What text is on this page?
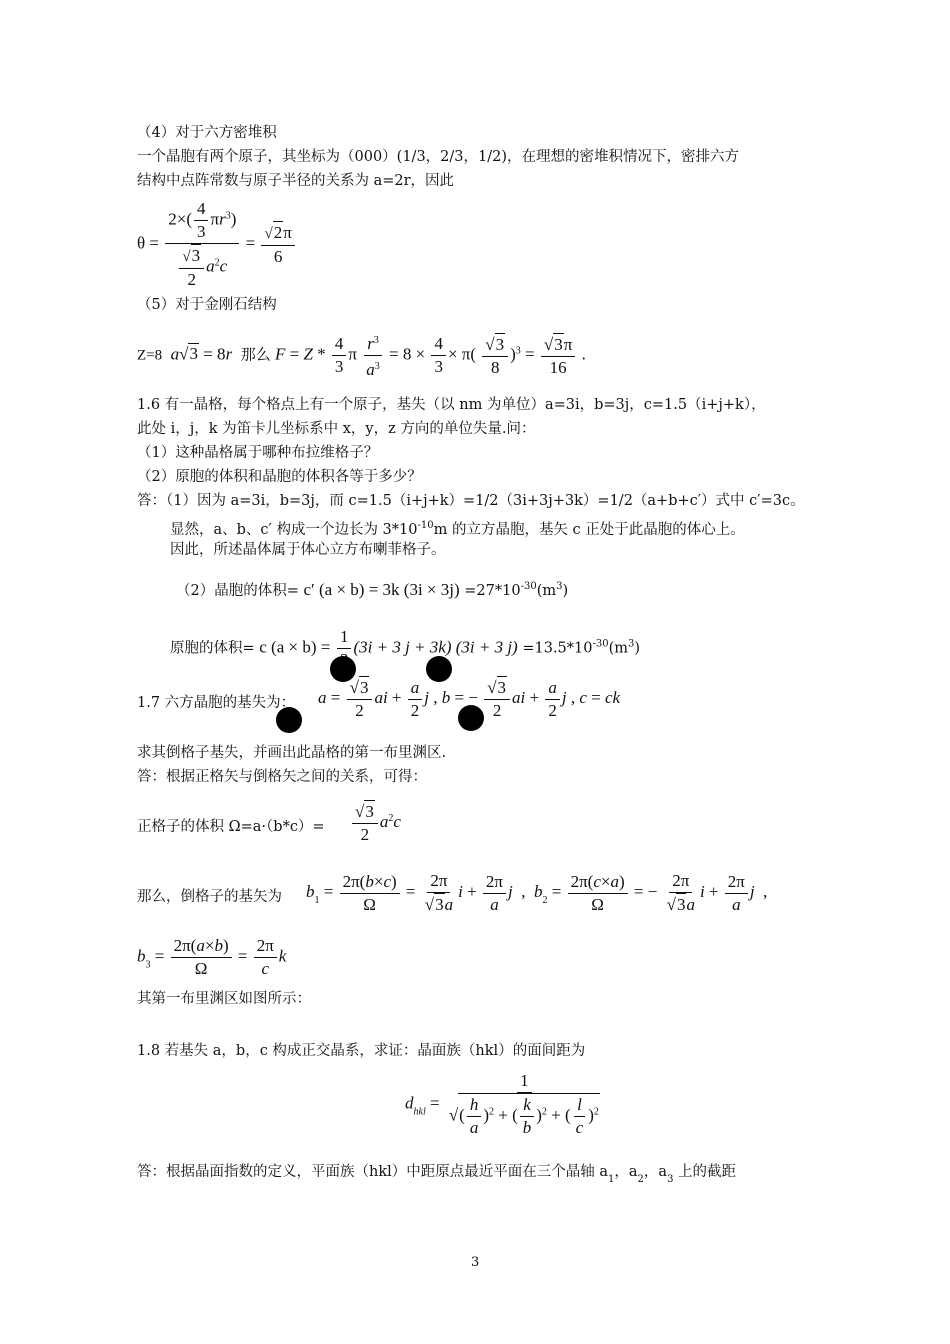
（4）对于六方密堆积
一个晶胞有两个原子，其坐标为（000）(1/3，2/3，1/2)，在理想的密堆积情况下，密排六方
结构中点阵常数与原子半径的关系为 a=2r，因此
$\theta = \frac{2\times( \frac{4}{3} \pi r^3)}{\frac{√3}{2} a^2c} = \frac{√2\pi}{6}$
（5）对于金刚石结构
Z=8 a√3 = 8r 那么 $F = Z * \frac{4}{3}$ π $\frac{r^3}{a^3} = 8 \times \frac{4}{3} \times \pi( \frac{√3}{8} )^3 = \frac{√3\pi}{16}$ .
1.6 有一晶格，每个格点上有一个原子，基失（以 nm 为单位）a=3i，b=3j，c=1.5（i+j+k），
此处 i，j，k 为笛卡儿坐标系中 x，y，z 方向的单位失量.问：
（1）这种晶格属于哪种布拉维格子？
（2）原胞的体积和晶胞的体积各等于多少？
答：（1）因为 a=3i，b=3j，而 c=1.5（i+j+k）=1/2（3i+3j+3k）=1/2（a+b+c′）式中 c′=3c。
显然，a、b、c′ 构成一个边长为 $3*10^{-10}m$ 的立方晶胞，基矢 c 正处于此晶胞的体心上。
因此，所述晶体属于体心立方布喇菲格子。
（2）晶胞的体积= c′ (a × b) = 3k $(3i \times 3j) =27*10^{-30}(m^3)$
原胞的体积= c (a × b) =
1
(3i + 3 j + 3k) (3i + 3 $j) =13.5*10^{-30}(m^3)$
1.7 六方晶胞的基失为： $a = \frac{√3}{2}$ ai + $\frac{a}{2}$ j , b = − $\frac{√3}{2}$ ai + $\frac{a}{2}$ j , c = ck
求其倒格子基失，并画出此晶格的第一布里渊区.
答：根据正格矢与倒格矢之间的关系，可得：
正格子的体积 $\Omega=a\cdot(b*c)= \frac{√3}{2} a^2c$
那么，倒格子的基矢为 $b_1 = \frac{2\pi(b\times c)}{\Omega} = \frac{2\pi}{√3a}$ $i + \frac{2\pi}{a}$ j  ,  $b_2 = \frac{2\pi(c\times a)}{\Omega}$ = − $\frac{2\pi}{√3a}$ $i + \frac{2\pi}{a}$ j  ,
$b_3 = \frac{2\pi(a\times b)}{\Omega} = \frac{2\pi}{c}$ k
其第一布里渊区如图所示：
1.8 若基失 a，b，c 构成正交晶系，求证：晶面族（hkl）的面间距为
$d_{hkl} = \frac{1}{√( \frac{h}{a} )^2 + ( \frac{k}{b} )^2 + ( \frac{l}{c} )^2}$
答：根据晶面指数的定义，平面族（hkl）中距原点最近平面在三个晶轴 $a_1$，$a_2$，$a_3$ 上的截距
3
